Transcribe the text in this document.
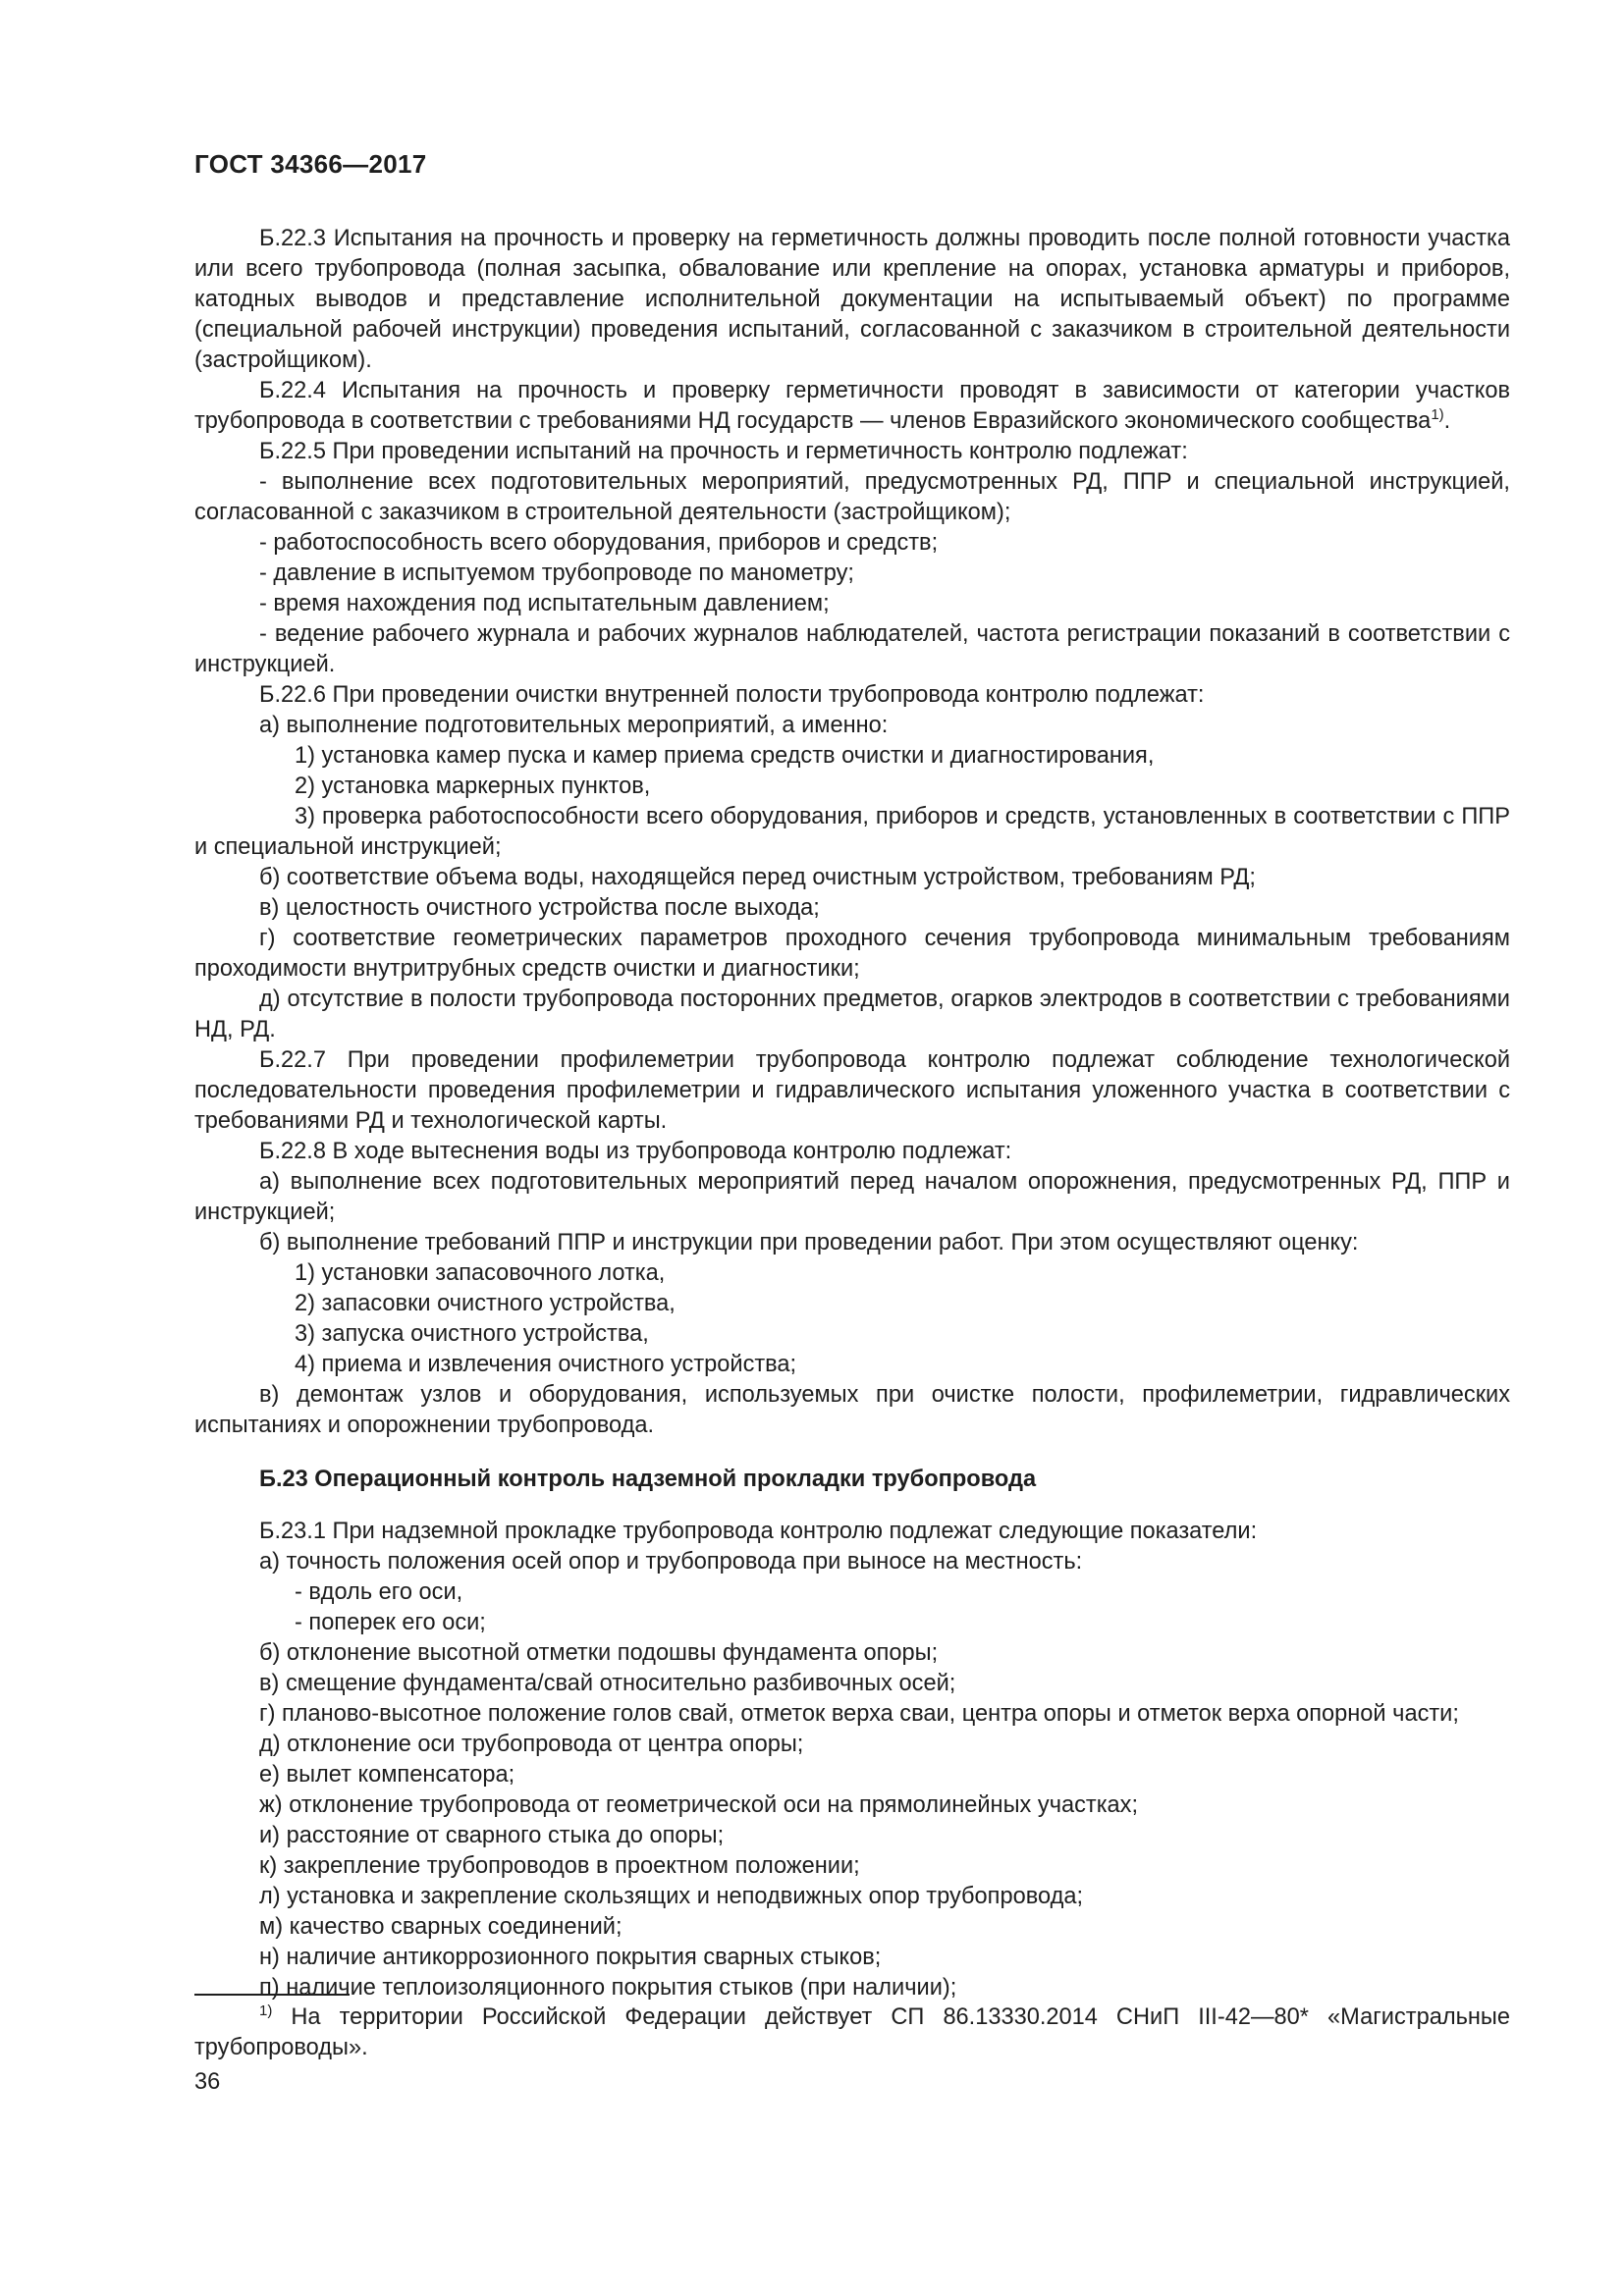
ГОСТ 34366—2017
Б.22.3 Испытания на прочность и проверку на герметичность должны проводить после полной готовности участка или всего трубопровода (полная засыпка, обвалование или крепление на опорах, установка арматуры и приборов, катодных выводов и представление исполнительной документации на испытываемый объект) по программе (специальной рабочей инструкции) проведения испытаний, согласованной с заказчиком в строительной деятельности (застройщиком).
Б.22.4 Испытания на прочность и проверку герметичности проводят в зависимости от категории участков трубопровода в соответствии с требованиями НД государств — членов Евразийского экономического сообщества$^{1)}$.
Б.22.5 При проведении испытаний на прочность и герметичность контролю подлежат:
- выполнение всех подготовительных мероприятий, предусмотренных РД, ППР и специальной инструкцией, согласованной с заказчиком в строительной деятельности (застройщиком);
- работоспособность всего оборудования, приборов и средств;
- давление в испытуемом трубопроводе по манометру;
- время нахождения под испытательным давлением;
- ведение рабочего журнала и рабочих журналов наблюдателей, частота регистрации показаний в соответствии с инструкцией.
Б.22.6 При проведении очистки внутренней полости трубопровода контролю подлежат:
а) выполнение подготовительных мероприятий, а именно:
1) установка камер пуска и камер приема средств очистки и диагностирования,
2) установка маркерных пунктов,
3) проверка работоспособности всего оборудования, приборов и средств, установленных в соответствии с ППР и специальной инструкцией;
б) соответствие объема воды, находящейся перед очистным устройством, требованиям РД;
в) целостность очистного устройства после выхода;
г) соответствие геометрических параметров проходного сечения трубопровода минимальным требованиям проходимости внутритрубных средств очистки и диагностики;
д) отсутствие в полости трубопровода посторонних предметов, огарков электродов в соответствии с требованиями НД, РД.
Б.22.7 При проведении профилеметрии трубопровода контролю подлежат соблюдение технологической последовательности проведения профилеметрии и гидравлического испытания уложенного участка в соответствии с требованиями РД и технологической карты.
Б.22.8 В ходе вытеснения воды из трубопровода контролю подлежат:
а) выполнение всех подготовительных мероприятий перед началом опорожнения, предусмотренных РД, ППР и инструкцией;
б) выполнение требований ППР и инструкции при проведении работ. При этом осуществляют оценку:
1) установки запасовочного лотка,
2) запасовки очистного устройства,
3) запуска очистного устройства,
4) приема и извлечения очистного устройства;
в) демонтаж узлов и оборудования, используемых при очистке полости, профилеметрии, гидравлических испытаниях и опорожнении трубопровода.
Б.23 Операционный контроль надземной прокладки трубопровода
Б.23.1 При надземной прокладке трубопровода контролю подлежат следующие показатели:
а) точность положения осей опор и трубопровода при выносе на местность:
- вдоль его оси,
- поперек его оси;
б) отклонение высотной отметки подошвы фундамента опоры;
в) смещение фундамента/свай относительно разбивочных осей;
г) планово-высотное положение голов свай, отметок верха сваи, центра опоры и отметок верха опорной части;
д) отклонение оси трубопровода от центра опоры;
е) вылет компенсатора;
ж) отклонение трубопровода от геометрической оси на прямолинейных участках;
и) расстояние от сварного стыка до опоры;
к) закрепление трубопроводов в проектном положении;
л) установка и закрепление скользящих и неподвижных опор трубопровода;
м) качество сварных соединений;
н) наличие антикоррозионного покрытия сварных стыков;
п) наличие теплоизоляционного покрытия стыков (при наличии);
$^{1)}$ На территории Российской Федерации действует СП 86.13330.2014 СНиП III-42—80* «Магистральные трубопроводы».
36
